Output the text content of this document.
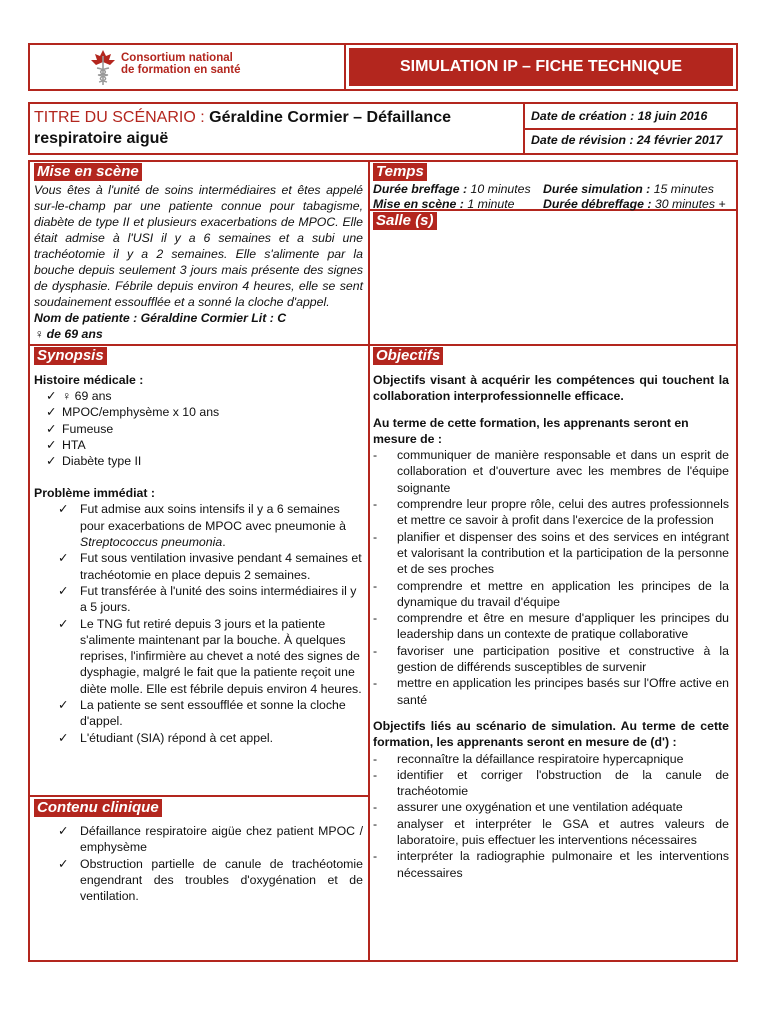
Consortium national
de formation en santé	SIMULATION IP – FICHE TECHNIQUE
TITRE DU SCÉNARIO : Géraldine Cormier – Défaillance
respiratoire aiguë
Date de création : 18 juin 2016
Date de révision : 24 février 2017
Mise en scène

Vous êtes à l'unité de soins intermédiaires et êtes appelé sur-le-champ par une patiente connue pour tabagisme, diabète de type II et plusieurs exacerbations de MPOC. Elle était admise à l'USI il y a 6 semaines et a subi une trachéotomie il y a 2 semaines. Elle s'alimente par la bouche depuis seulement 3 jours mais présente des signes de dysphasie. Fébrile depuis environ 4 heures, elle se sent soudainement essoufflée et a sonné la cloche d'appel.

Nom de patiente : Géraldine Cormier Lit : C

♀ de 69 ans

Temps
Durée breffage : 10 minutes Durée simulation : 15 minutes
Mise en scène : 1 minute Durée débreffage : 30 minutes +
Salle (s)
Synopsis
Histoire médicale :
✓ ♀ 69 ans
✓ MPOC/emphysème x 10 ans
✓ Fumeuse
✓ HTA
✓ Diabète type II
Problème immédiat :
✓ Fut admise aux soins intensifs il y a 6 semaines pour exacerbations de MPOC avec pneumonie à Streptococcus pneumonia.
✓ Fut sous ventilation invasive pendant 4 semaines et trachéotomie en place depuis 2 semaines.
✓ Fut transférée à l'unité des soins intermédiaires il y a 5 jours.
✓ Le TNG fut retiré depuis 3 jours et la patiente s'alimente maintenant par la bouche. À quelques reprises, l'infirmière au chevet a noté des signes de dysphagie, malgré le fait que la patiente reçoit une diète molle. Elle est fébrile depuis environ 4 heures.
✓ La patiente se sent essoufflée et sonne la cloche d'appel.
✓ L'étudiant (SIA) répond à cet appel.
Contenu clinique
✓ Défaillance respiratoire aigüe chez patient MPOC / emphysème
✓ Obstruction partielle de canule de trachéotomie engendrant des troubles d'oxygénation et de ventilation.
Objectifs

Objectifs visant à acquérir les compétences qui touchent la collaboration interprofessionnelle efficace.

Au terme de cette formation, les apprenants seront en mesure de :

- communiquer de manière responsable et dans un esprit de collaboration et d'ouverture avec les membres de l'équipe soignante
- comprendre leur propre rôle, celui des autres professionnels et mettre ce savoir à profit dans l'exercice de la profession
- planifier et dispenser des soins et des services en intégrant et valorisant la contribution et la participation de la personne et de ses proches
- comprendre et mettre en application les principes de la dynamique du travail d'équipe
- comprendre et être en mesure d'appliquer les principes du leadership dans un contexte de pratique collaborative
- favoriser une participation positive et constructive à la gestion de différends susceptibles de survenir
- mettre en application les principes basés sur l'Offre active en santé

Objectifs liés au scénario de simulation. Au terme de cette formation, les apprenants seront en mesure de (d') :

- reconnaître la défaillance respiratoire hypercapnique
- identifier et corriger l'obstruction de la canule de trachéotomie
- assurer une oxygénation et une ventilation adéquate
- analyser et interpréter le GSA et autres valeurs de laboratoire, puis effectuer les interventions nécessaires
- interpréter la radiographie pulmonaire et les interventions nécessaires
